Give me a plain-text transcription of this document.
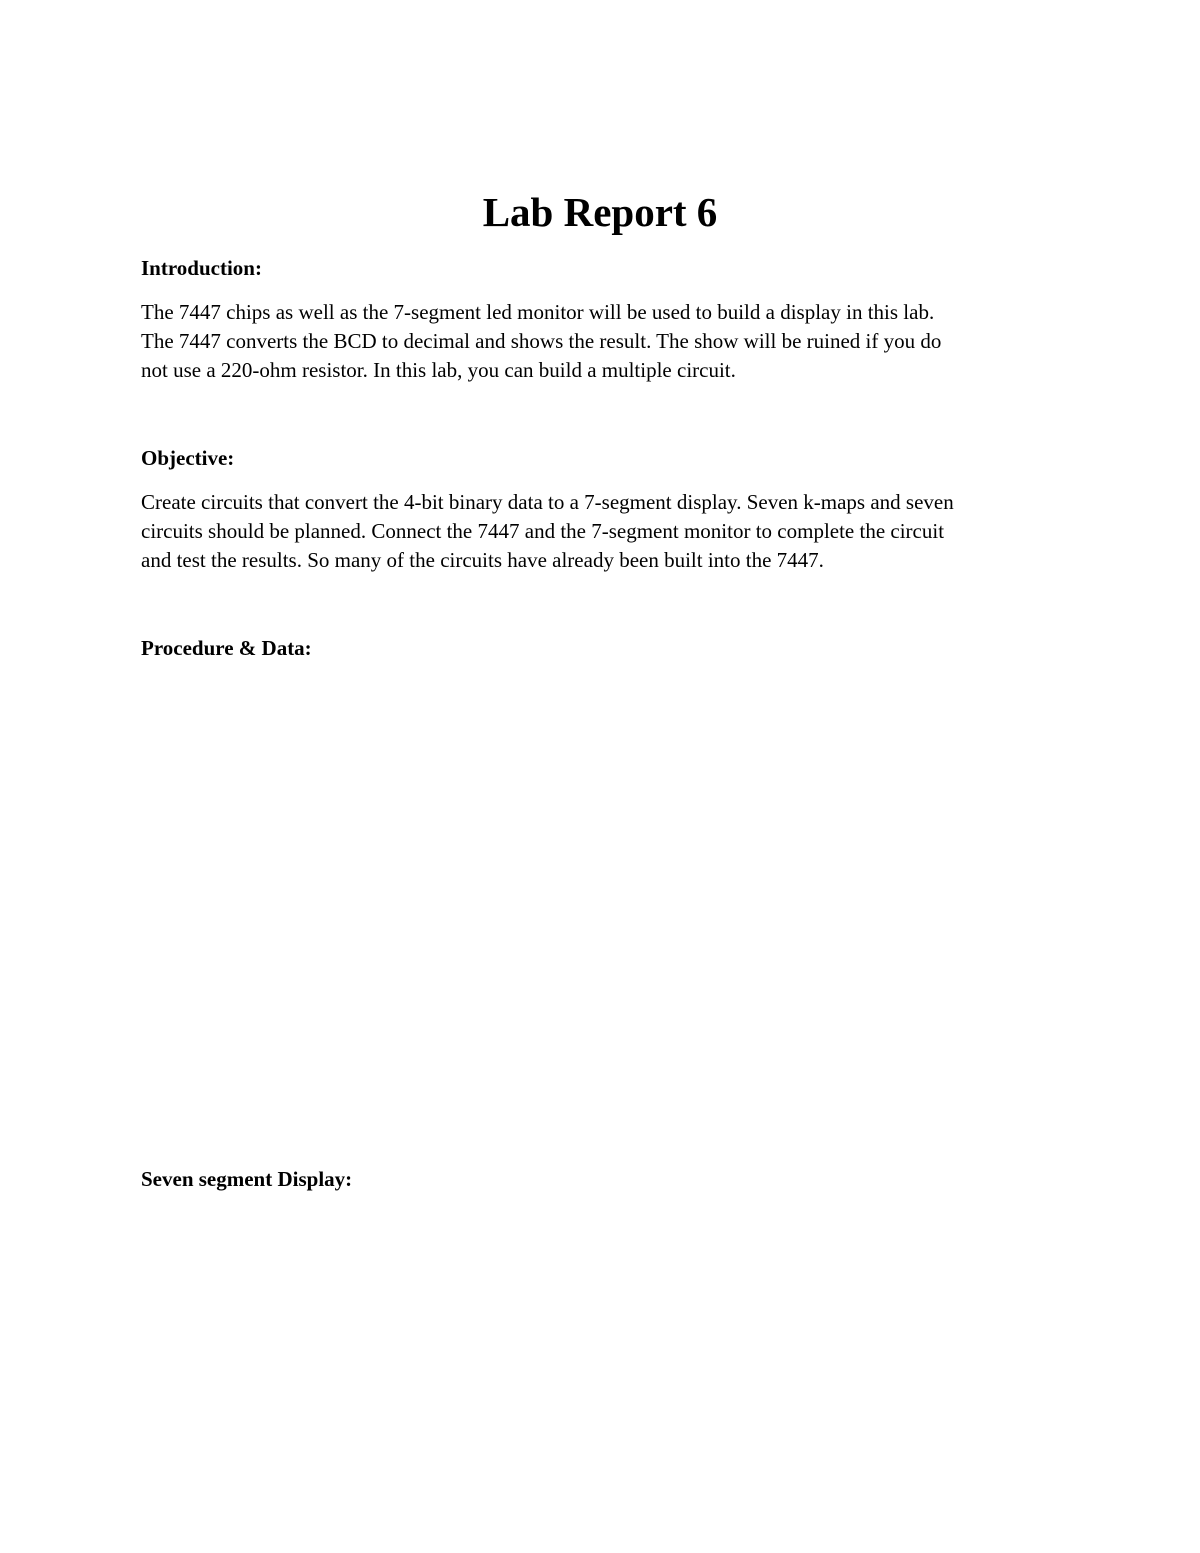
Lab Report 6
Introduction:

The 7447 chips as well as the 7-segment led monitor will be used to build a display in this lab.
The 7447 converts the BCD to decimal and shows the result. The show will be ruined if you do
not use a 220-ohm resistor. In this lab, you can build a multiple circuit.

Objective:

Create circuits that convert the 4-bit binary data to a 7-segment display. Seven k-maps and seven
circuits should be planned. Connect the 7447 and the 7-segment monitor to complete the circuit
and test the results. So many of the circuits have already been built into the 7447.

Procedure & Data:
Seven segment Display:
